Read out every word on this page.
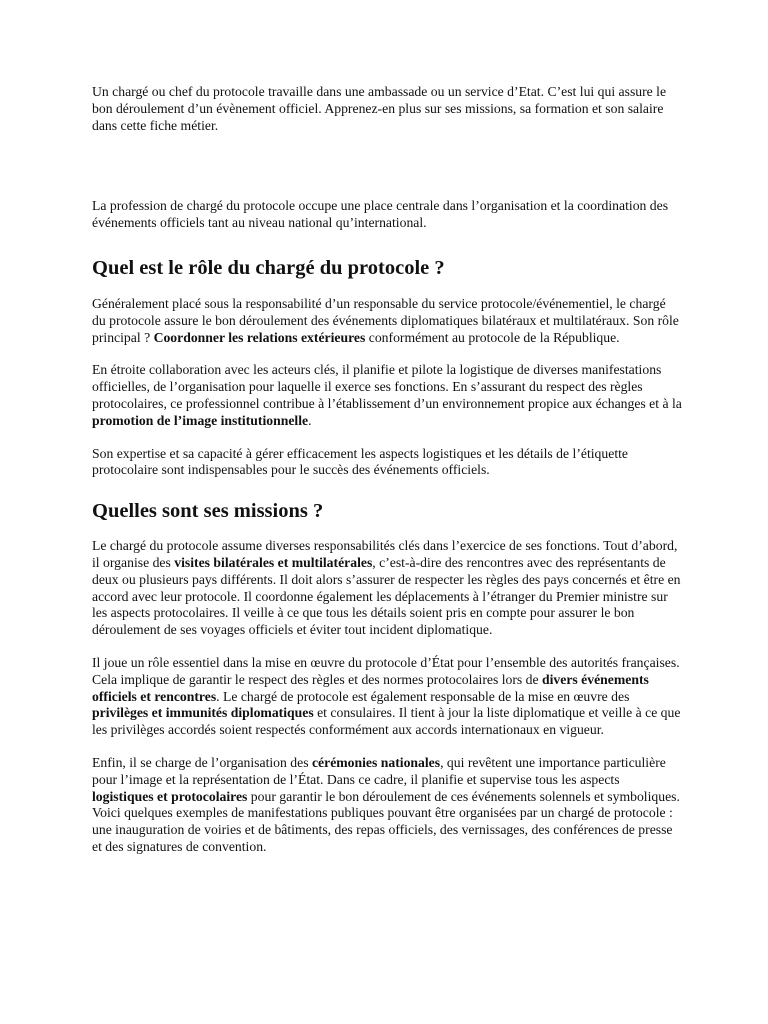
Un chargé ou chef du protocole travaille dans une ambassade ou un service d’Etat. C’est lui qui assure le bon déroulement d’un évènement officiel. Apprenez-en plus sur ses missions, sa formation et son salaire dans cette fiche métier.

La profession de chargé du protocole occupe une place centrale dans l’organisation et la coordination des événements officiels tant au niveau national qu’international.

Quel est le rôle du chargé du protocole ?

Généralement placé sous la responsabilité d’un responsable du service protocole/événementiel, le chargé du protocole assure le bon déroulement des événements diplomatiques bilatéraux et multilatéraux. Son rôle principal ? Coordonner les relations extérieures conformément au protocole de la République.

En étroite collaboration avec les acteurs clés, il planifie et pilote la logistique de diverses manifestations officielles, de l’organisation pour laquelle il exerce ses fonctions. En s’assurant du respect des règles protocolaires, ce professionnel contribue à l’établissement d’un environnement propice aux échanges et à la promotion de l’image institutionnelle.

Son expertise et sa capacité à gérer efficacement les aspects logistiques et les détails de l’étiquette protocolaire sont indispensables pour le succès des événements officiels.

Quelles sont ses missions ?

Le chargé du protocole assume diverses responsabilités clés dans l’exercice de ses fonctions. Tout d’abord, il organise des visites bilatérales et multilatérales, c’est-à-dire des rencontres avec des représentants de deux ou plusieurs pays différents. Il doit alors s’assurer de respecter les règles des pays concernés et être en accord avec leur protocole. Il coordonne également les déplacements à l’étranger du Premier ministre sur les aspects protocolaires. Il veille à ce que tous les détails soient pris en compte pour assurer le bon déroulement de ses voyages officiels et éviter tout incident diplomatique.

Il joue un rôle essentiel dans la mise en œuvre du protocole d’État pour l’ensemble des autorités françaises. Cela implique de garantir le respect des règles et des normes protocolaires lors de divers événements officiels et rencontres. Le chargé de protocole est également responsable de la mise en œuvre des privilèges et immunités diplomatiques et consulaires. Il tient à jour la liste diplomatique et veille à ce que les privilèges accordés soient respectés conformément aux accords internationaux en vigueur.

Enfin, il se charge de l’organisation des cérémonies nationales, qui revêtent une importance particulière pour l’image et la représentation de l’État. Dans ce cadre, il planifie et supervise tous les aspects logistiques et protocolaires pour garantir le bon déroulement de ces événements solennels et symboliques. Voici quelques exemples de manifestations publiques pouvant être organisées par un chargé de protocole : une inauguration de voiries et de bâtiments, des repas officiels, des vernissages, des conférences de presse et des signatures de convention.
